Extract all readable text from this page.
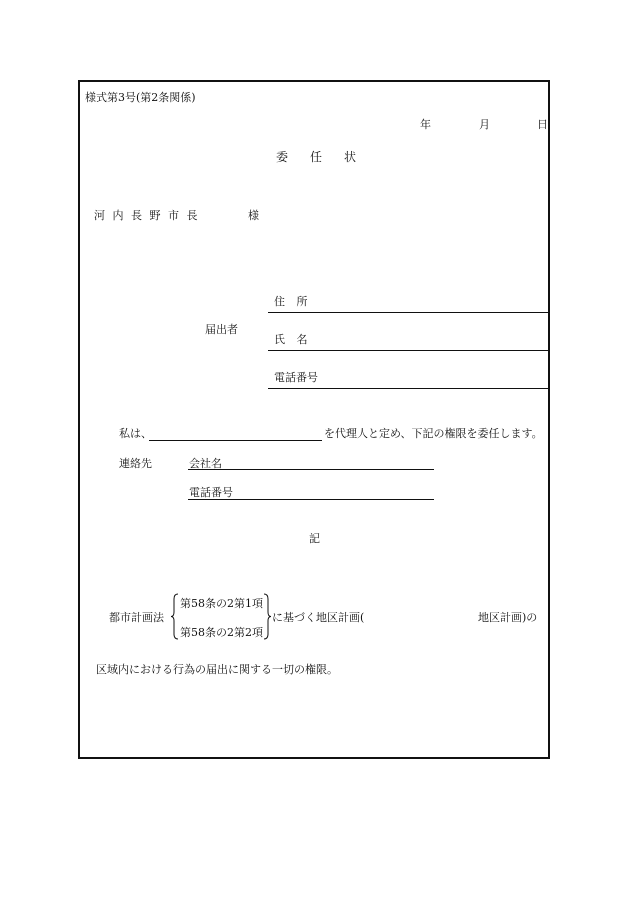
様式第3号(第2条関係)
年	月	日
委 任 状
河 内 長 野 市 長	様
届出者
住 所
氏 名
電話番号
私は、	を代理人と定め、下記の権限を委任します。
連絡先	会社名
電話番号
記
都市計画法
第58条の2第1項
第58条の2第2項
に基づく地区計画(	地区計画)の
区域内における行為の届出に関する一切の権限。
